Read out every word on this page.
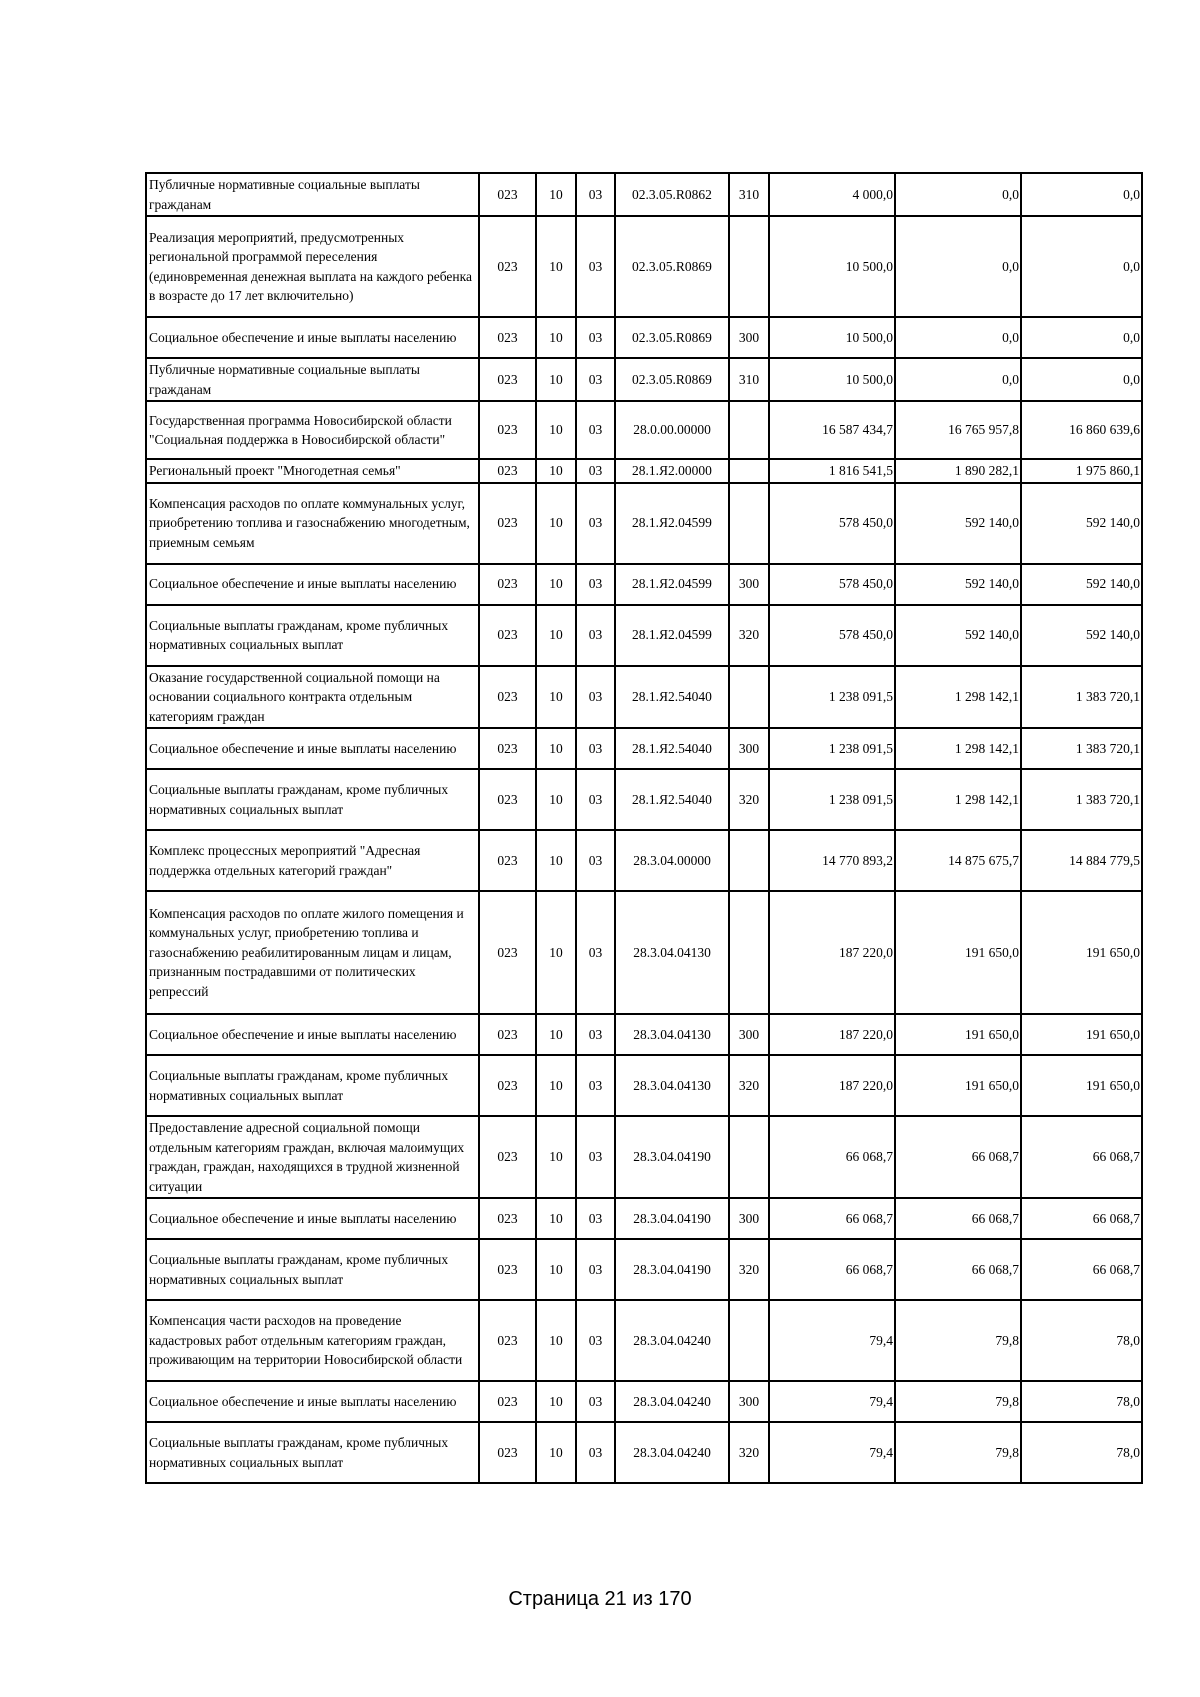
Публичные нормативные социальные выплаты гражданам	023	10	03	02.3.05.R0862	310	4 000,0	0,0	0,0
Реализация мероприятий, предусмотренных региональной программой переселения (единовременная денежная выплата на каждого ребенка в возрасте до 17 лет включительно)	023	10	03	02.3.05.R0869		10 500,0	0,0	0,0
Социальное обеспечение и иные выплаты населению	023	10	03	02.3.05.R0869	300	10 500,0	0,0	0,0
Публичные нормативные социальные выплаты гражданам	023	10	03	02.3.05.R0869	310	10 500,0	0,0	0,0
Государственная программа Новосибирской области "Социальная поддержка в Новосибирской области"	023	10	03	28.0.00.00000		16 587 434,7	16 765 957,8	16 860 639,6
Региональный проект "Многодетная семья"	023	10	03	28.1.Я2.00000		1 816 541,5	1 890 282,1	1 975 860,1
Компенсация расходов по оплате коммунальных услуг, приобретению топлива и газоснабжению многодетным, приемным семьям	023	10	03	28.1.Я2.04599		578 450,0	592 140,0	592 140,0
Социальное обеспечение и иные выплаты населению	023	10	03	28.1.Я2.04599	300	578 450,0	592 140,0	592 140,0
Социальные выплаты гражданам, кроме публичных нормативных социальных выплат	023	10	03	28.1.Я2.04599	320	578 450,0	592 140,0	592 140,0
Оказание государственной социальной помощи на основании социального контракта отдельным категориям граждан	023	10	03	28.1.Я2.54040		1 238 091,5	1 298 142,1	1 383 720,1
Социальное обеспечение и иные выплаты населению	023	10	03	28.1.Я2.54040	300	1 238 091,5	1 298 142,1	1 383 720,1
Социальные выплаты гражданам, кроме публичных нормативных социальных выплат	023	10	03	28.1.Я2.54040	320	1 238 091,5	1 298 142,1	1 383 720,1
Комплекс процессных мероприятий "Адресная поддержка отдельных категорий граждан"	023	10	03	28.3.04.00000		14 770 893,2	14 875 675,7	14 884 779,5
Компенсация расходов по оплате жилого помещения и коммунальных услуг, приобретению топлива и газоснабжению реабилитированным лицам и лицам, признанным пострадавшими от политических репрессий	023	10	03	28.3.04.04130		187 220,0	191 650,0	191 650,0
Социальное обеспечение и иные выплаты населению	023	10	03	28.3.04.04130	300	187 220,0	191 650,0	191 650,0
Социальные выплаты гражданам, кроме публичных нормативных социальных выплат	023	10	03	28.3.04.04130	320	187 220,0	191 650,0	191 650,0
Предоставление адресной социальной помощи отдельным категориям граждан, включая малоимущих граждан, граждан, находящихся в трудной жизненной ситуации	023	10	03	28.3.04.04190		66 068,7	66 068,7	66 068,7
Социальное обеспечение и иные выплаты населению	023	10	03	28.3.04.04190	300	66 068,7	66 068,7	66 068,7
Социальные выплаты гражданам, кроме публичных нормативных социальных выплат	023	10	03	28.3.04.04190	320	66 068,7	66 068,7	66 068,7
Компенсация части расходов на проведение кадастровых работ отдельным категориям граждан, проживающим на территории Новосибирской области	023	10	03	28.3.04.04240		79,4	79,8	78,0
Социальное обеспечение и иные выплаты населению	023	10	03	28.3.04.04240	300	79,4	79,8	78,0
Социальные выплаты гражданам, кроме публичных нормативных социальных выплат	023	10	03	28.3.04.04240	320	79,4	79,8	78,0
Страница 21 из 170
